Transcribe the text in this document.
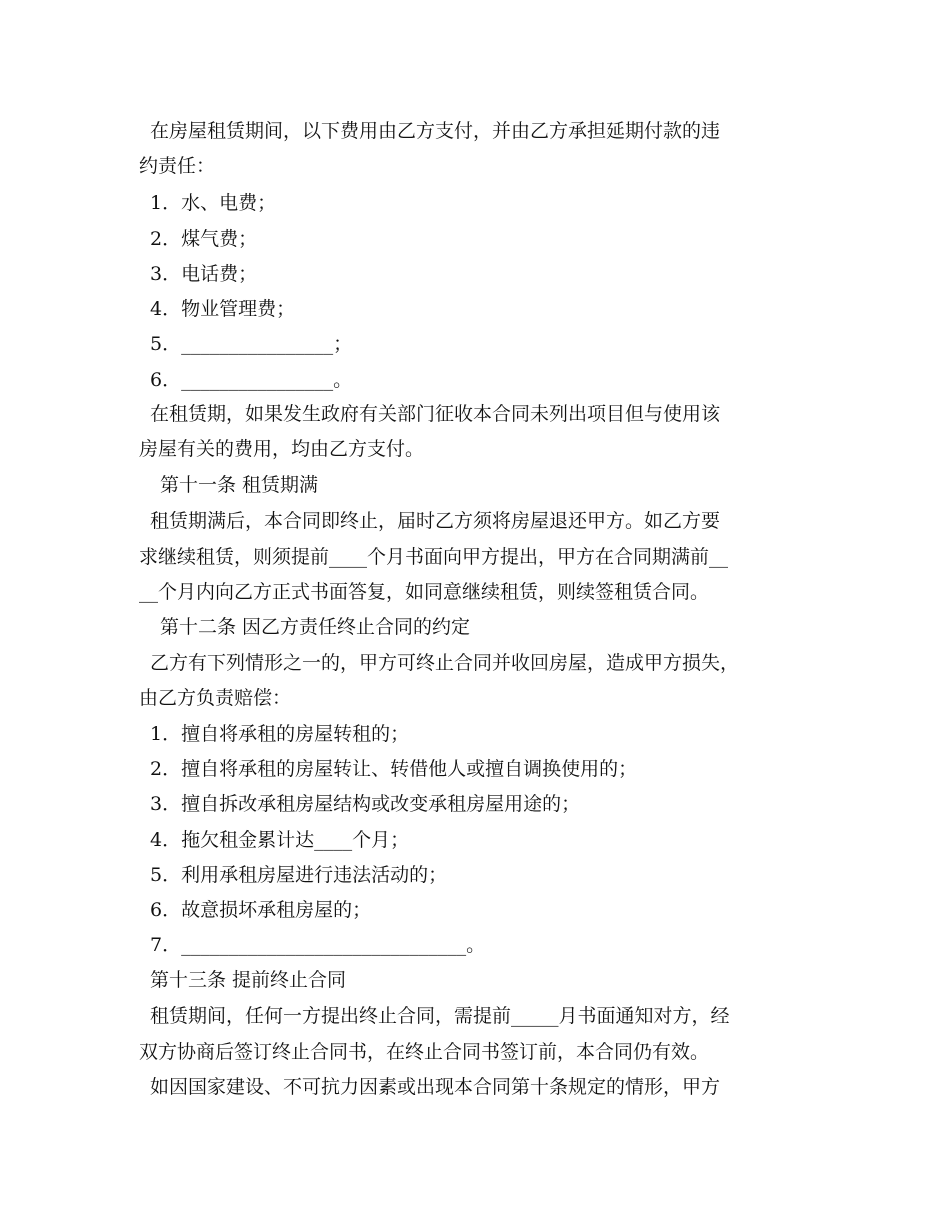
在房屋租赁期间，以下费用由乙方支付，并由乙方承担延期付款的违
约责任：
1．水、电费；
2．煤气费；
3．电话费；
4．物业管理费；
5．________________；
6．________________。
在租赁期，如果发生政府有关部门征收本合同未列出项目但与使用该
房屋有关的费用，均由乙方支付。
第十一条 租赁期满
租赁期满后，本合同即终止，届时乙方须将房屋退还甲方。如乙方要
求继续租赁，则须提前____个月书面向甲方提出，甲方在合同期满前__
__个月内向乙方正式书面答复，如同意继续租赁，则续签租赁合同。
第十二条 因乙方责任终止合同的约定
乙方有下列情形之一的，甲方可终止合同并收回房屋，造成甲方损失，
由乙方负责赔偿：
1．擅自将承租的房屋转租的；
2．擅自将承租的房屋转让、转借他人或擅自调换使用的；
3．擅自拆改承租房屋结构或改变承租房屋用途的；
4．拖欠租金累计达____个月；
5．利用承租房屋进行违法活动的；
6．故意损坏承租房屋的；
7．______________________________。
第十三条 提前终止合同
租赁期间，任何一方提出终止合同，需提前_____月书面通知对方，经
双方协商后签订终止合同书，在终止合同书签订前，本合同仍有效。
如因国家建设、不可抗力因素或出现本合同第十条规定的情形，甲方
